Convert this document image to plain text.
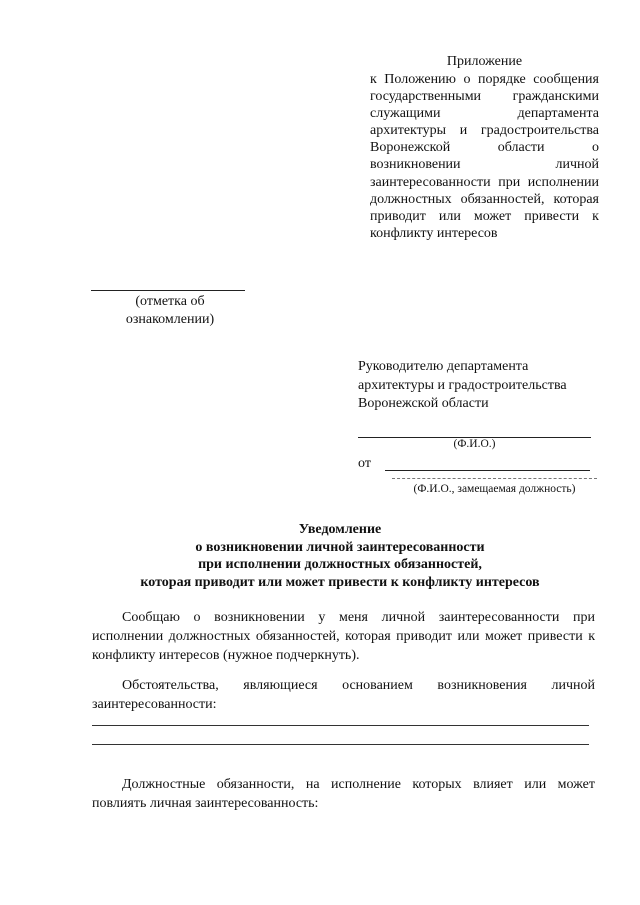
Приложение
к Положению о порядке сообщения государственными гражданскими служащими департамента архитектуры и градостроительства Воронежской области о возникновении личной заинтересованности при исполнении должностных обязанностей, которая приводит или может привести к конфликту интересов
(отметка об
ознакомлении)
Руководителю департамента
архитектуры и градостроительства
Воронежской области
(Ф.И.О.)
от
(Ф.И.О., замещаемая должность)
Уведомление
о возникновении личной заинтересованности
при исполнении должностных обязанностей,
которая приводит или может привести к конфликту интересов
Сообщаю о возникновении у меня личной заинтересованности при исполнении должностных обязанностей, которая приводит или может привести к конфликту интересов (нужное подчеркнуть).
Обстоятельства, являющиеся основанием возникновения личной заинтересованности:
Должностные обязанности, на исполнение которых влияет или может повлиять личная заинтересованность:
